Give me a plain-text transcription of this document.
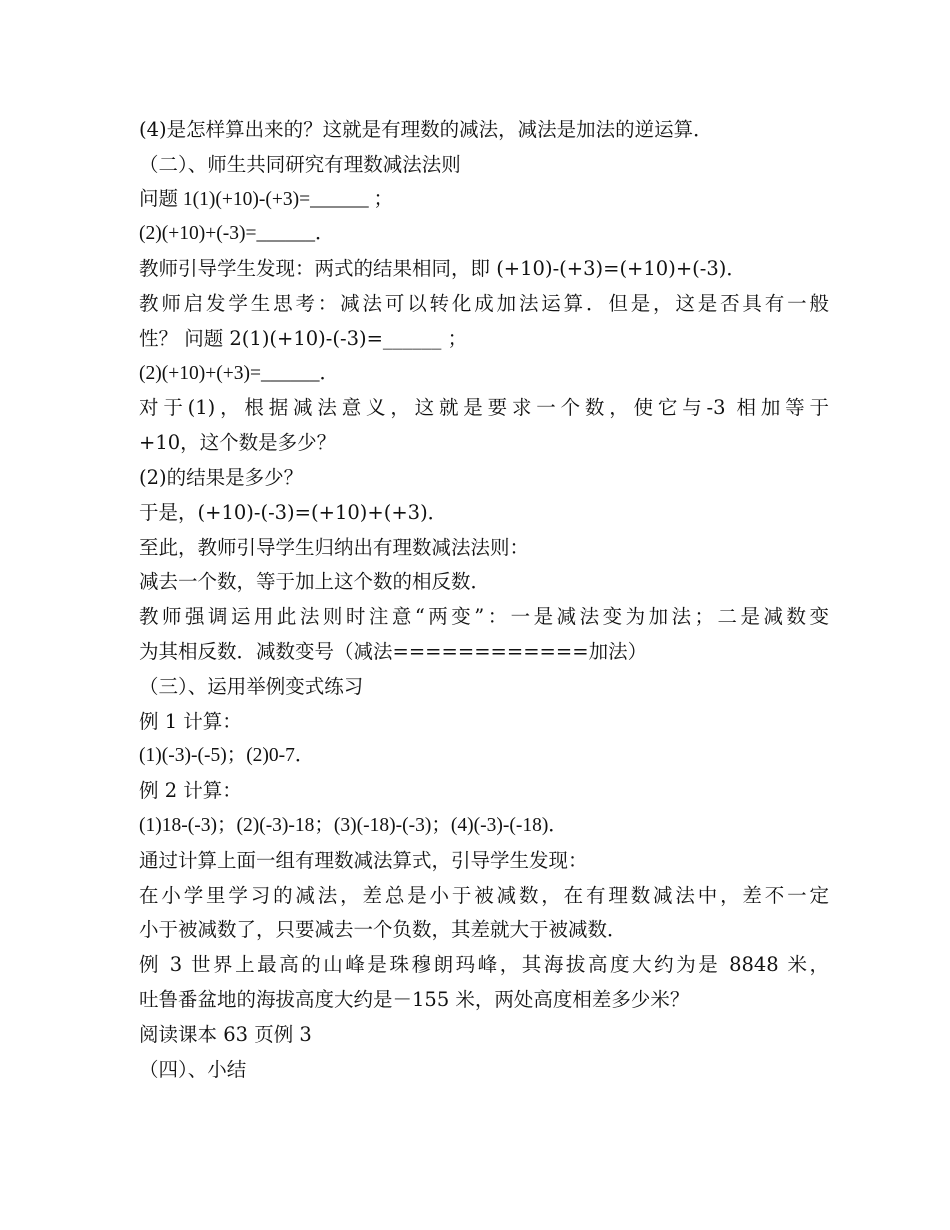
(4)是怎样算出来的？这就是有理数的减法，减法是加法的逆运算．
（二）、师生共同研究有理数减法法则
问题 1(1)(+10)-(+3)=______ ；
(2)(+10)+(-3)=______．
教师引导学生发现：两式的结果相同，即 (+10)-(+3)=(+10)+(-3)．
教师启发学生思考：减法可以转化成加法运算．但是，这是否具有一般
性？ 问题 2(1)(+10)-(-3)=______ ；
(2)(+10)+(+3)=______．
对于(1)，根据减法意义，这就是要求一个数，使它与-3 相加等于
+10，这个数是多少？
(2)的结果是多少？
于是，(+10)-(-3)=(+10)+(+3)．
至此，教师引导学生归纳出有理数减法法则：
减去一个数，等于加上这个数的相反数．
教师强调运用此法则时注意“两变”：一是减法变为加法；二是减数变
为其相反数．减数变号（减法============加法）
（三）、运用举例变式练习
例 1 计算：
(1)(-3)-(-5)；(2)0-7．
例 2 计算：
(1)18-(-3)；(2)(-3)-18；(3)(-18)-(-3)；(4)(-3)-(-18)．
通过计算上面一组有理数减法算式，引导学生发现：
在小学里学习的减法，差总是小于被减数，在有理数减法中，差不一定
小于被减数了，只要减去一个负数，其差就大于被减数．
例 3 世界上最高的山峰是珠穆朗玛峰，其海拔高度大约为是 8848 米，
吐鲁番盆地的海拔高度大约是－155 米，两处高度相差多少米？
阅读课本 63 页例 3
（四）、小结
